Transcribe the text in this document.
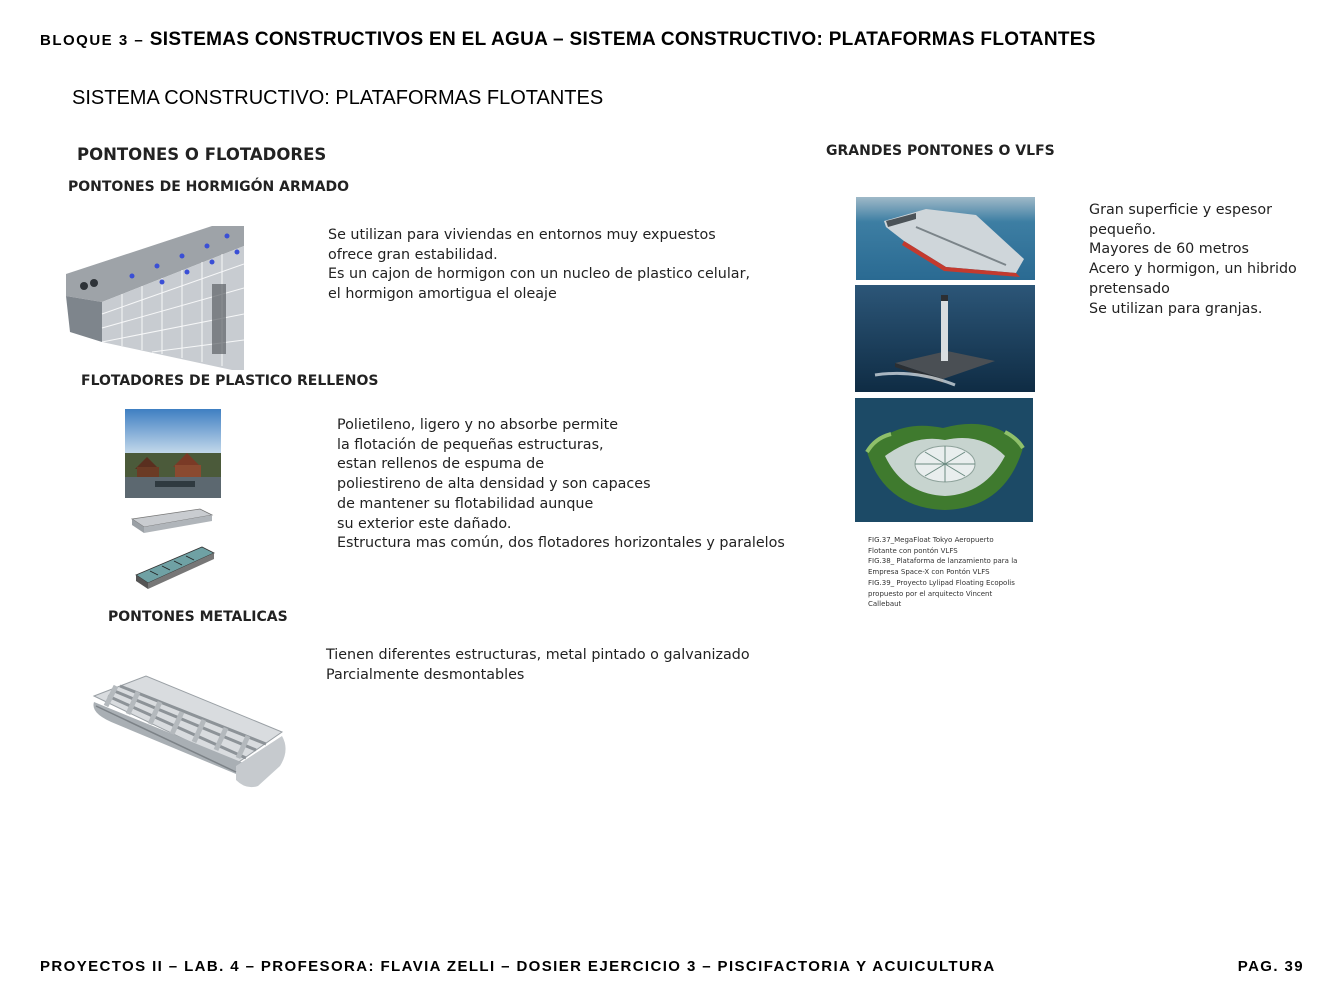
BLOQUE 3 – SISTEMAS CONSTRUCTIVOS EN EL AGUA – SISTEMA CONSTRUCTIVO: PLATAFORMAS FLOTANTES
SISTEMA CONSTRUCTIVO: PLATAFORMAS FLOTANTES
PONTONES O FLOTADORES
PONTONES DE HORMIGÓN ARMADO
Se utilizan para viviendas en entornos muy expuestos
ofrece gran estabilidad.
Es un cajon de hormigon con un nucleo de plastico celular,
el hormigon amortigua el oleaje
FLOTADORES DE PLASTICO RELLENOS
Polietileno, ligero y no absorbe permite
la flotación de pequeñas estructuras,
estan rellenos de espuma de
poliestireno de alta densidad y son capaces
de mantener su flotabilidad aunque
su exterior este dañado.
Estructura mas común, dos flotadores horizontales y paralelos
PONTONES METALICAS
Tienen diferentes estructuras, metal pintado o galvanizado
Parcialmente desmontables
GRANDES PONTONES O VLFS
FIG.37_MegaFloat Tokyo Aeropuerto
Flotante con pontón VLFS
FIG.38_ Plataforma de lanzamiento para la
Empresa Space-X con Pontón VLFS
FIG.39_ Proyecto Lylipad Floating Ecopolis
propuesto por el arquitecto Vincent
Callebaut
Gran superficie y espesor
pequeño.
Mayores de 60 metros
Acero y hormigon, un hibrido
pretensado
Se utilizan para granjas.
PROYECTOS II – LAB. 4 – PROFESORA: FLAVIA ZELLI – DOSIER EJERCICIO 3 – PISCIFACTORIA Y ACUICULTURA	PAG. 39
